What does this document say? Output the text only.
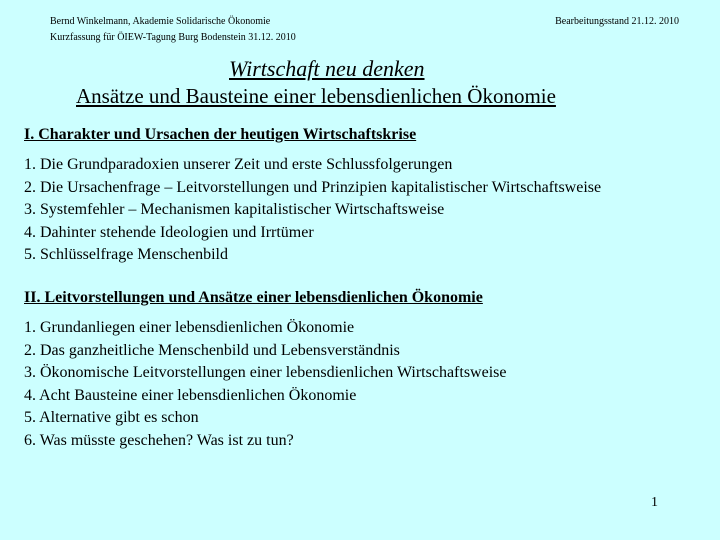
Bernd Winkelmann, Akademie Solidarische Ökonomie
Kurzfassung für ÖIEW-Tagung Burg Bodenstein 31.12. 2010
Bearbeitungsstand 21.12. 2010
Wirtschaft neu denken
Ansätze und Bausteine einer lebensdienlichen Ökonomie
I. Charakter und Ursachen der heutigen Wirtschaftskrise
1. Die Grundparadoxien unserer Zeit und erste Schlussfolgerungen
2. Die Ursachenfrage – Leitvorstellungen und Prinzipien kapitalistischer Wirtschaftsweise
3. Systemfehler – Mechanismen kapitalistischer Wirtschaftsweise
4. Dahinter stehende Ideologien und Irrtümer
5. Schlüsselfrage Menschenbild
II. Leitvorstellungen und Ansätze einer lebensdienlichen Ökonomie
1. Grundanliegen einer lebensdienlichen Ökonomie
2. Das ganzheitliche Menschenbild und Lebensverständnis
3. Ökonomische Leitvorstellungen einer lebensdienlichen Wirtschaftsweise
4. Acht Bausteine einer lebensdienlichen Ökonomie
5. Alternative gibt es schon
6. Was müsste geschehen? Was ist zu tun?
1
